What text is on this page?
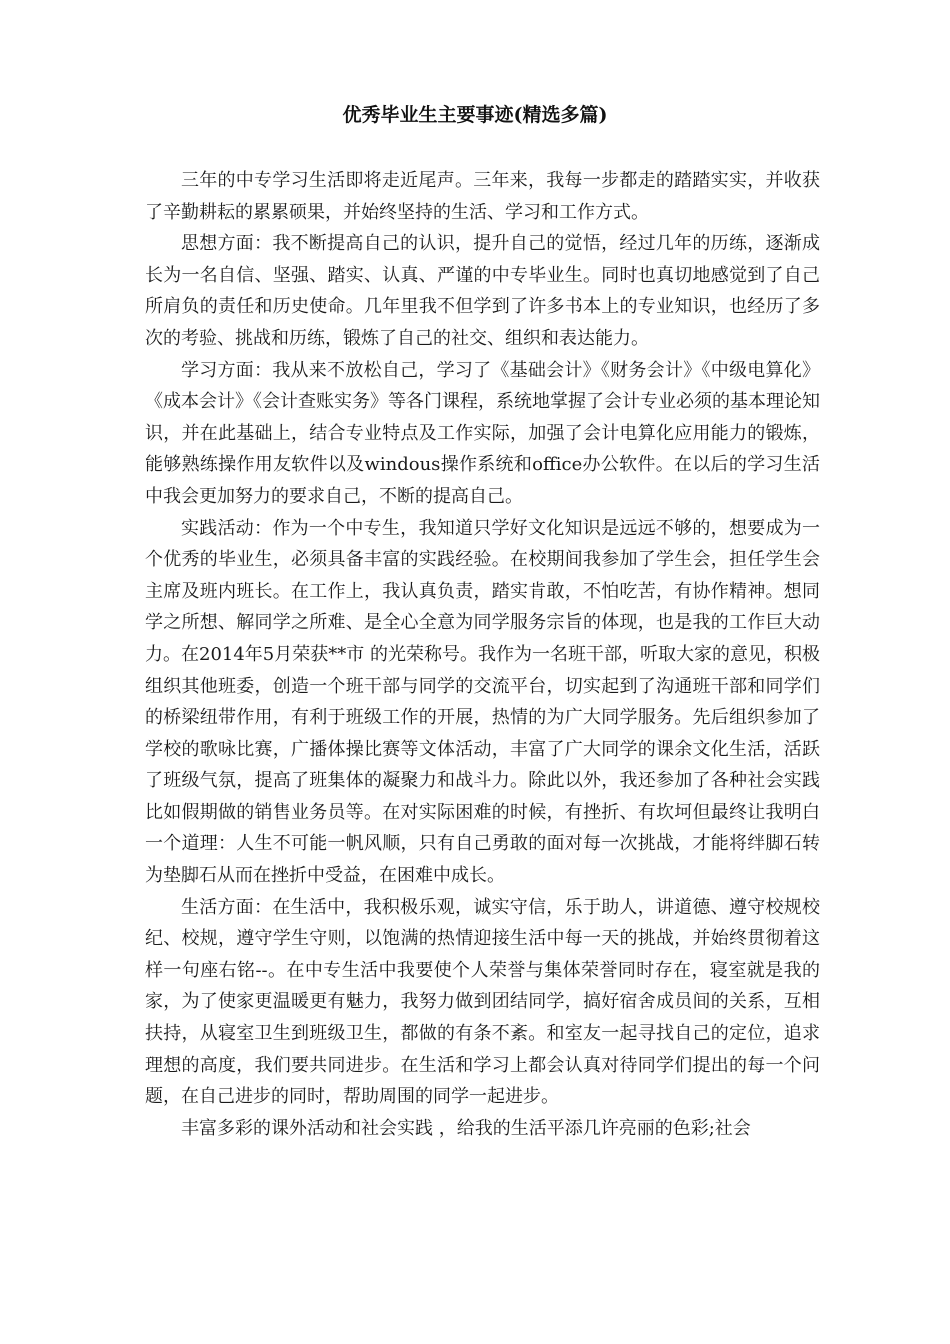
优秀毕业生主要事迹(精选多篇)

三年的中专学习生活即将走近尾声。三年来，我每一步都走的踏踏实实，并收获了辛勤耕耘的累累硕果，并始终坚持的生活、学习和工作方式。

思想方面：我不断提高自己的认识，提升自己的觉悟，经过几年的历练，逐渐成长为一名自信、坚强、踏实、认真、严谨的中专毕业生。同时也真切地感觉到了自己所肩负的责任和历史使命。几年里我不但学到了许多书本上的专业知识，也经历了多次的考验、挑战和历练，锻炼了自己的社交、组织和表达能力。

学习方面：我从来不放松自己，学习了《基础会计》《财务会计》《中级电算化》《成本会计》《会计查账实务》等各门课程，系统地掌握了会计专业必须的基本理论知识，并在此基础上，结合专业特点及工作实际，加强了会计电算化应用能力的锻炼，能够熟练操作用友软件以及windous操作系统和office办公软件。在以后的学习生活中我会更加努力的要求自己，不断的提高自己。

实践活动：作为一个中专生，我知道只学好文化知识是远远不够的，想要成为一个优秀的毕业生，必须具备丰富的实践经验。在校期间我参加了学生会，担任学生会主席及班内班长。在工作上，我认真负责，踏实肯敢，不怕吃苦，有协作精神。想同学之所想、解同学之所难、是全心全意为同学服务宗旨的体现，也是我的工作巨大动力。在2014年5月荣获**市 的光荣称号。我作为一名班干部，听取大家的意见，积极组织其他班委，创造一个班干部与同学的交流平台，切实起到了沟通班干部和同学们的桥梁纽带作用，有利于班级工作的开展，热情的为广大同学服务。先后组织参加了学校的歌咏比赛，广播体操比赛等文体活动，丰富了广大同学的课余文化生活，活跃了班级气氛，提高了班集体的凝聚力和战斗力。除此以外，我还参加了各种社会实践比如假期做的销售业务员等。在对实际困难的时候，有挫折、有坎坷但最终让我明白一个道理：人生不可能一帆风顺，只有自己勇敢的面对每一次挑战，才能将绊脚石转为垫脚石从而在挫折中受益，在困难中成长。

生活方面：在生活中，我积极乐观，诚实守信，乐于助人，讲道德、遵守校规校纪、校规，遵守学生守则，以饱满的热情迎接生活中每一天的挑战，并始终贯彻着这样一句座右铭--。在中专生活中我要使个人荣誉与集体荣誉同时存在，寝室就是我的家，为了使家更温暖更有魅力，我努力做到团结同学，搞好宿舍成员间的关系，互相扶持，从寝室卫生到班级卫生，都做的有条不紊。和室友一起寻找自己的定位，追求理想的高度，我们要共同进步。在生活和学习上都会认真对待同学们提出的每一个问题，在自己进步的同时，帮助周围的同学一起进步。

丰富多彩的课外活动和社会实践 ，给我的生活平添几许亮丽的色彩;社会
